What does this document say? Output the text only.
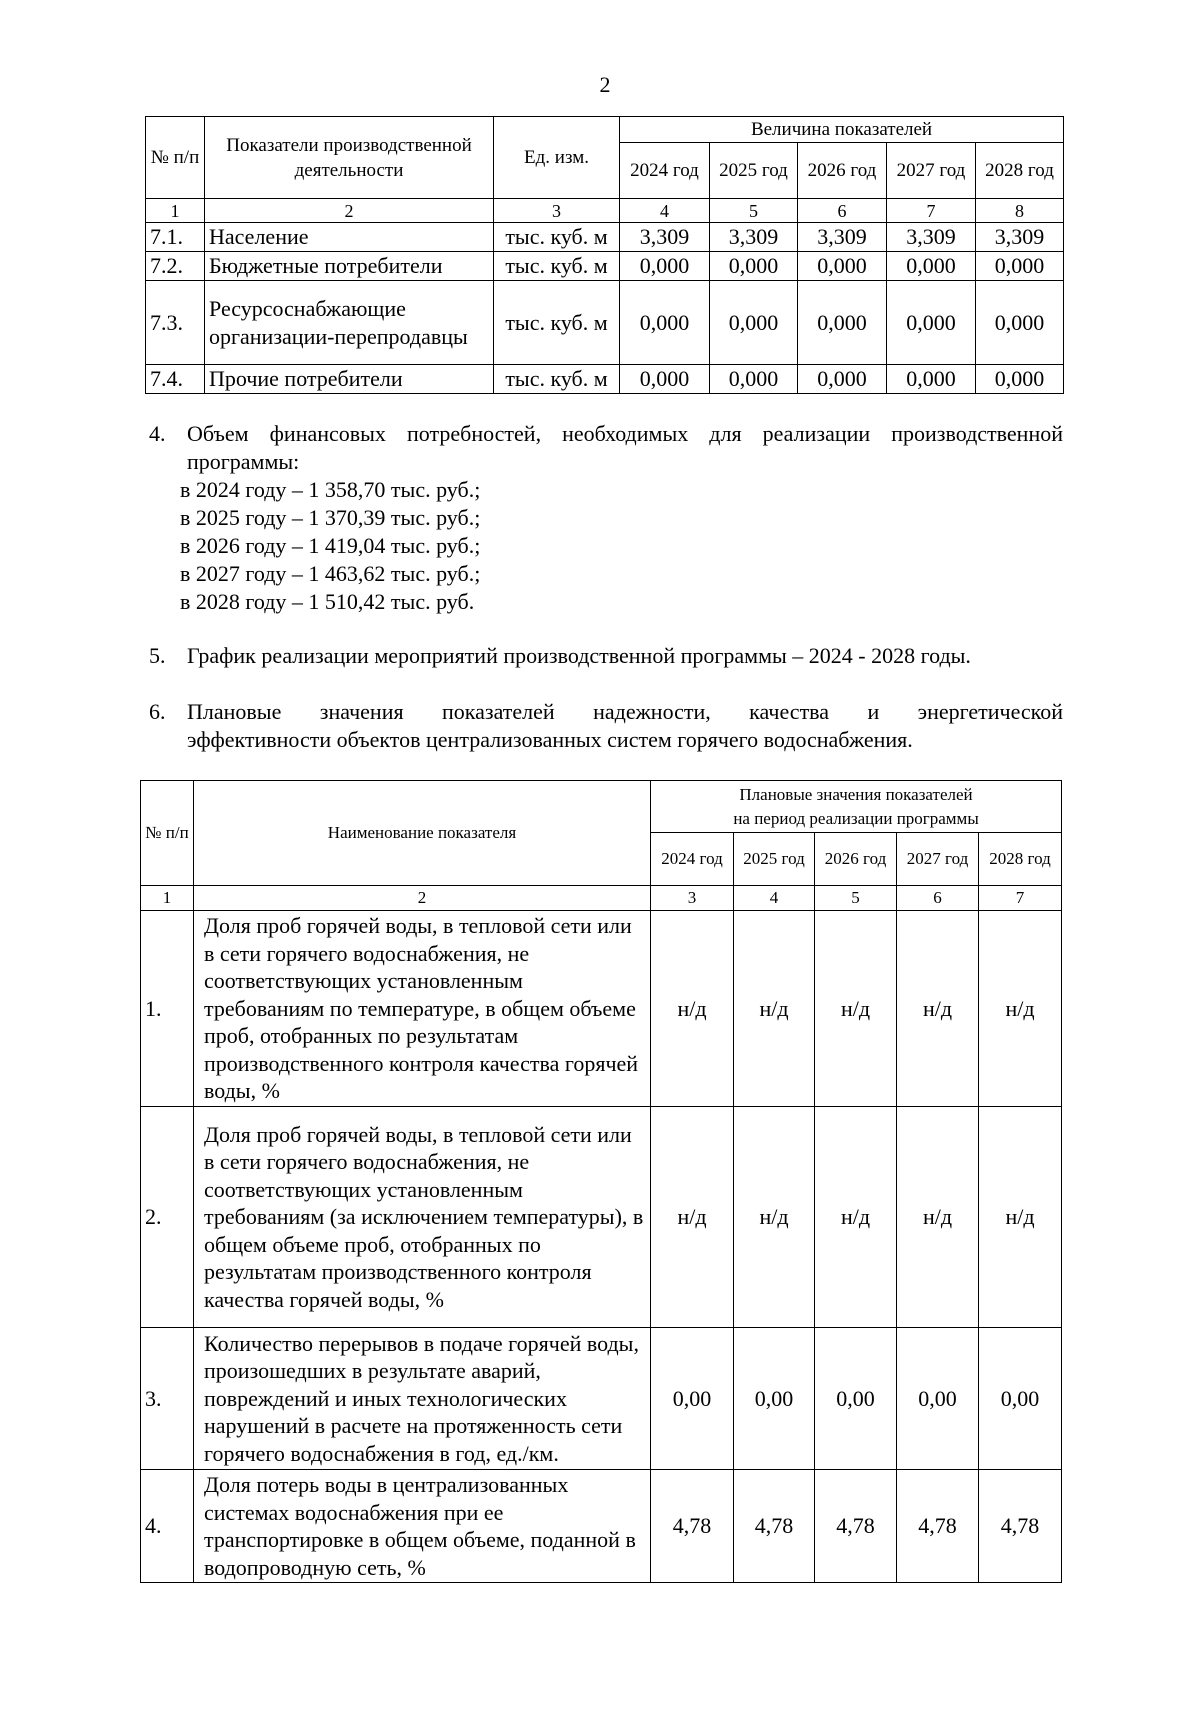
2
№ п/п	Показатели производственной деятельности	Ед. изм.	Величина показателей				
			2024 год	2025 год	2026 год	2027 год	2028 год
1	2	3	4	5	6	7	8
7.1.	Население	тыс. куб. м	3,309	3,309	3,309	3,309	3,309
7.2.	Бюджетные потребители	тыс. куб. м	0,000	0,000	0,000	0,000	0,000
7.3.	Ресурсоснабжающие организации-перепродавцы	тыс. куб. м	0,000	0,000	0,000	0,000	0,000
7.4.	Прочие потребители	тыс. куб. м	0,000	0,000	0,000	0,000	0,000
4. Объем финансовых потребностей, необходимых для реализации производственной
программы:
в 2024 году – 1 358,70 тыс. руб.;
в 2025 году – 1 370,39 тыс. руб.;
в 2026 году – 1 419,04 тыс. руб.;
в 2027 году – 1 463,62 тыс. руб.;
в 2028 году – 1 510,42 тыс. руб.
5. График реализации мероприятий производственной программы – 2024 - 2028 годы.
6. Плановые значения показателей надежности, качества и энергетической
эффективности объектов централизованных систем горячего водоснабжения.
№ п/п	Наименование показателя	Плановые значения показателей
на период реализации программы				

		2024 год	2025 год	2026 год	2027 год	2028 год
1	2	3	4	5	6	7
1.	Доля проб горячей воды, в тепловой сети или в сети горячего водоснабжения, не соответствующих установленным требованиям по температуре, в общем объеме проб, отобранных по результатам производственного контроля качества горячей воды, %	н/д	н/д	н/д	н/д	н/д
2.	Доля проб горячей воды, в тепловой сети или в сети горячего водоснабжения, не соответствующих установленным требованиям (за исключением температуры), в общем объеме проб, отобранных по результатам производственного контроля качества горячей воды, %	н/д	н/д	н/д	н/д	н/д
3.	Количество перерывов в подаче горячей воды, произошедших в результате аварий, повреждений и иных технологических нарушений в расчете на протяженность сети горячего водоснабжения в год, ед./км.	0,00	0,00	0,00	0,00	0,00
4.	Доля потерь воды в централизованных системах водоснабжения при ее транспортировке в общем объеме, поданной в водопроводную сеть, %	4,78	4,78	4,78	4,78	4,78
